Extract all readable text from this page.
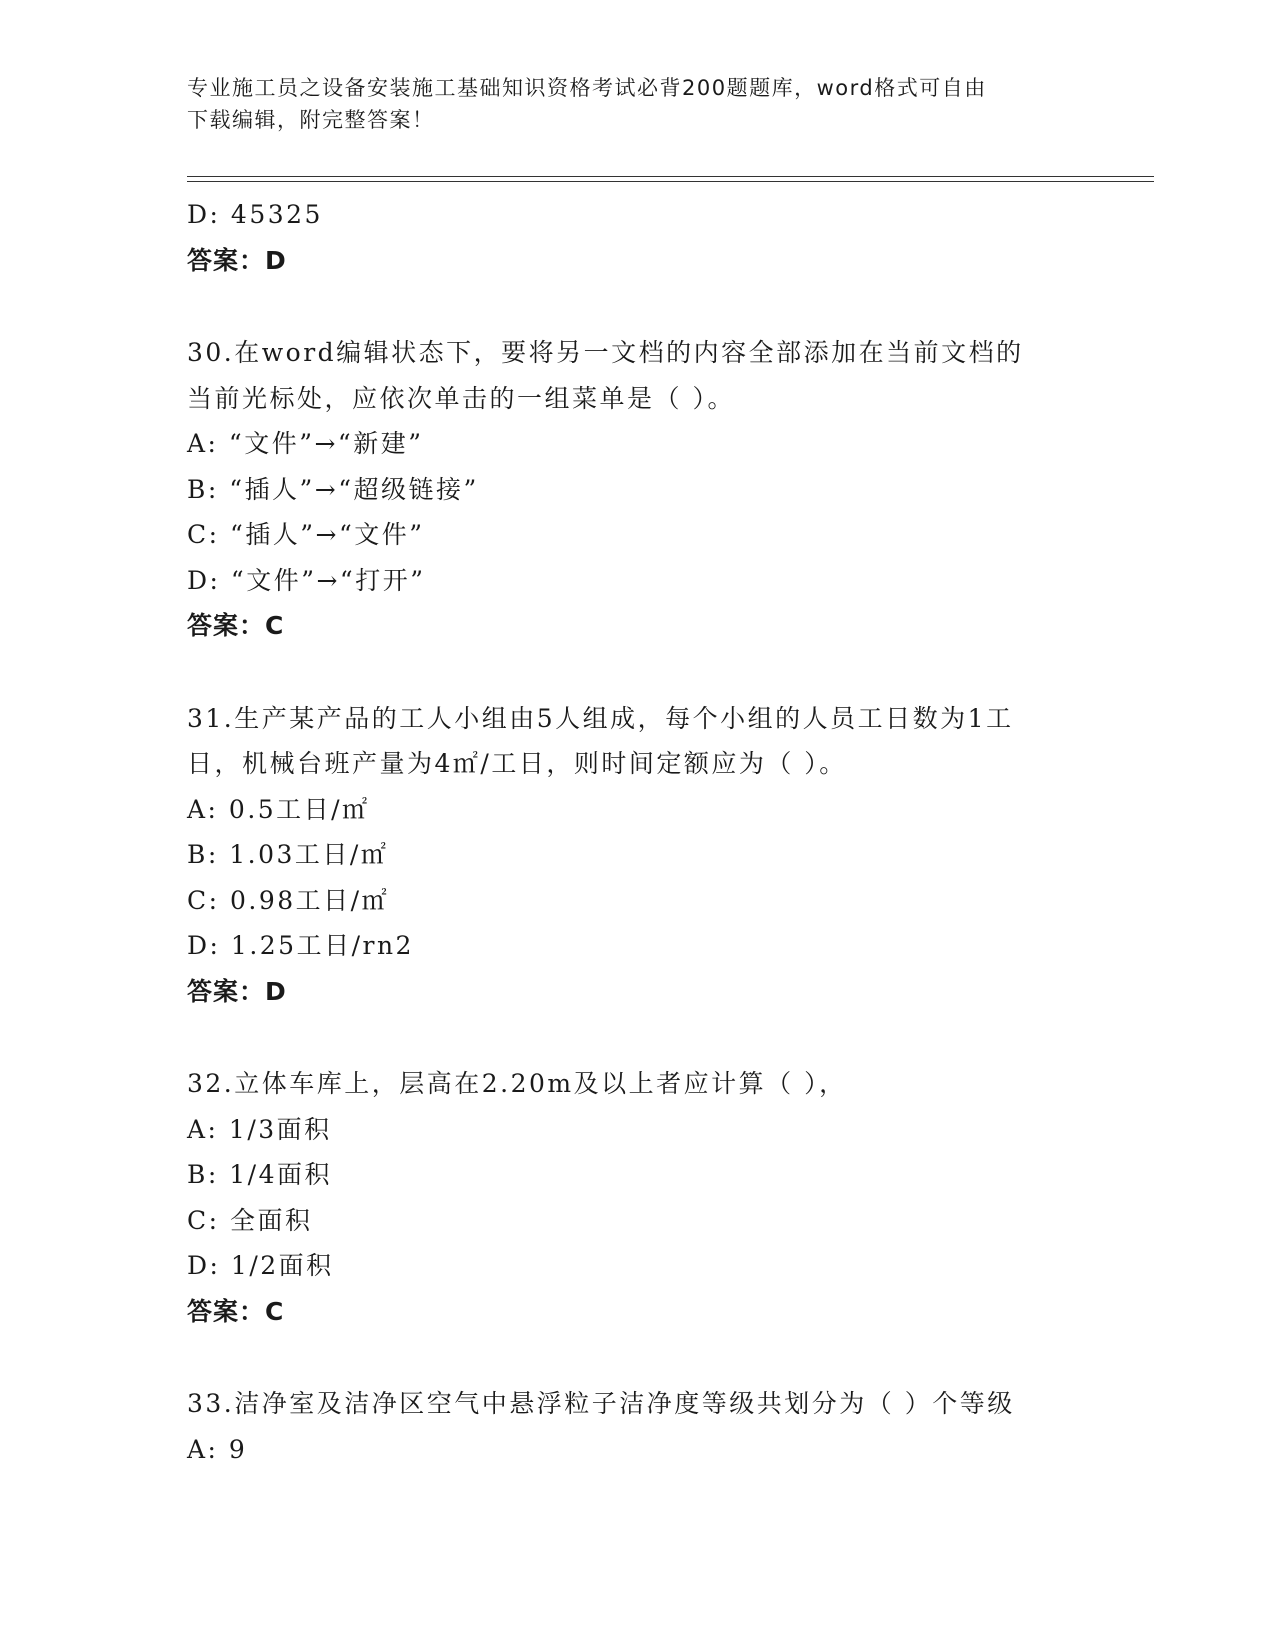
专业施工员之设备安装施工基础知识资格考试必背200题题库，word格式可自由
下载编辑，附完整答案！
D: 45325
答案：D
30.在word编辑状态下，要将另一文档的内容全部添加在当前文档的
当前光标处，应依次单击的一组菜单是（ ）。
A: “文件”→“新建”
B: “插人”→“超级链接”
C: “插人”→“文件”
D: “文件”→“打开”
答案：C
31.生产某产品的工人小组由5人组成，每个小组的人员工日数为1工
日，机械台班产量为4㎡/工日，则时间定额应为（ ）。
A: 0.5工日/㎡
B: 1.03工日/㎡
C: 0.98工日/㎡
D: 1.25工日/rn2
答案：D
32.立体车库上，层高在2.20m及以上者应计算（ ），
A: 1/3面积
B: 1/4面积
C: 全面积
D: 1/2面积
答案：C
33.洁净室及洁净区空气中悬浮粒子洁净度等级共划分为（ ）个等级
A: 9
